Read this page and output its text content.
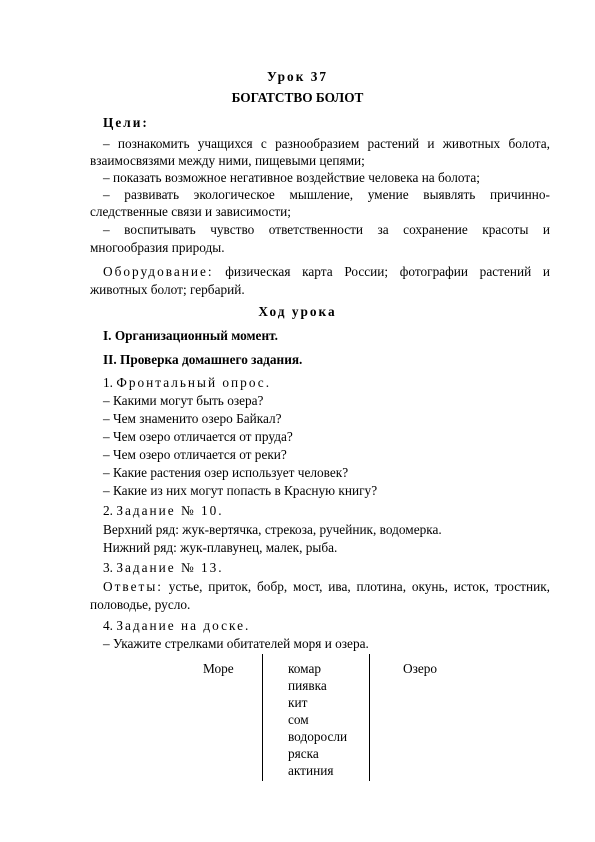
Урок 37
БОГАТСТВО БОЛОТ
Цели:
– познакомить учащихся с разнообразием растений и животных болота,
взаимосвязями между ними, пищевыми цепями;
– показать возможное негативное воздействие человека на болота;
– развивать экологическое мышление, умение выявлять причинно-
следственные связи и зависимости;
– воспитывать чувство ответственности за сохранение красоты и
многообразия природы.
Оборудование: физическая карта России; фотографии растений и
животных болот; гербарий.
Ход урока
I. Организационный момент.
II. Проверка домашнего задания.
1. Фронтальный опрос.
– Какими могут быть озера?
– Чем знаменито озеро Байкал?
– Чем озеро отличается от пруда?
– Чем озеро отличается от реки?
– Какие растения озер использует человек?
– Какие из них могут попасть в Красную книгу?
2. Задание № 10.
Верхний ряд: жук-вертячка, стрекоза, ручейник, водомерка.
Нижний ряд: жук-плавунец, малек, рыба.
3. Задание № 13.
Ответы: устье, приток, бобр, мост, ива, плотина, окунь, исток, тростник,
половодье, русло.
4. Задание на доске.
– Укажите стрелками обитателей моря и озера.
Море	Озеро
комар
пиявка
кит
сом
водоросли
ряска
актиния
